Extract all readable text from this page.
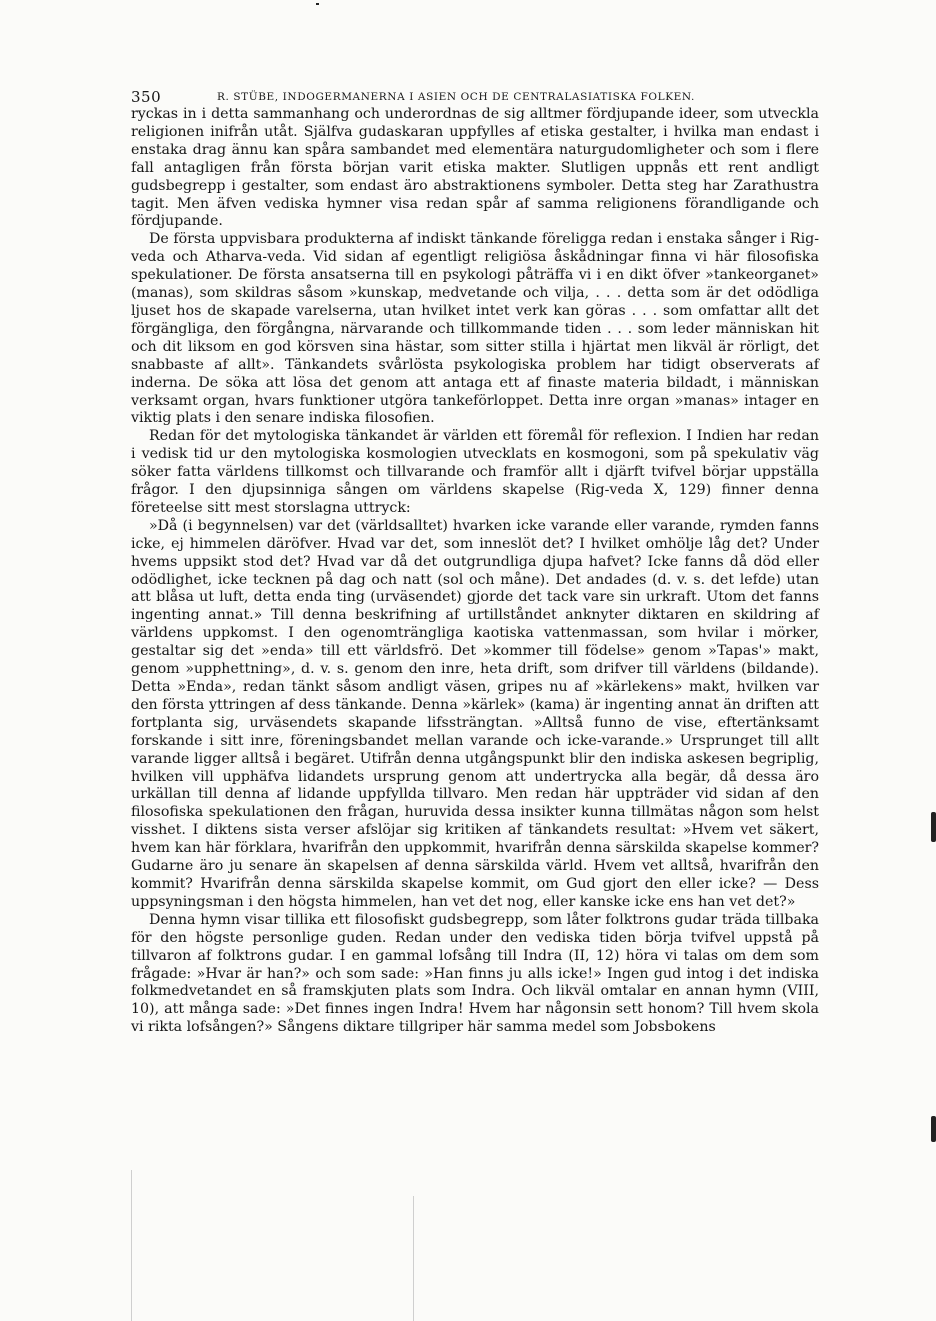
350	R. STÜBE, INDOGERMANERNA I ASIEN OCH DE CENTRALASIATISKA FOLKEN.

ryckas in i detta sammanhang och underordnas de sig alltmer fördjupande ideer, som utveckla religionen inifrån utåt. Själfva gudaskaran uppfylles af etiska gestalter, i hvilka man endast i enstaka drag ännu kan spåra sambandet med elementära naturgudomligheter och som i flere fall antagligen från första början varit etiska makter. Slutligen uppnås ett rent andligt gudsbegrepp i gestalter, som endast äro abstraktionens symboler. Detta steg har Zarathustra tagit. Men äfven vediska hymner visa redan spår af samma religionens förandligande och fördjupande.

De första uppvisbara produkterna af indiskt tänkande föreligga redan i enstaka sånger i Rig-veda och Atharva-veda. Vid sidan af egentligt religiösa åskådningar finna vi här filosofiska spekulationer. De första ansatserna till en psykologi påträffa vi i en dikt öfver »tankeorganet» (manas), som skildras såsom »kunskap, medvetande och vilja, . . . detta som är det odödliga ljuset hos de skapade varelserna, utan hvilket intet verk kan göras . . . som omfattar allt det förgängliga, den förgångna, närvarande och tillkommande tiden . . . som leder människan hit och dit liksom en god körsven sina hästar, som sitter stilla i hjärtat men likväl är rörligt, det snabbaste af allt». Tänkandets svårlösta psykologiska problem har tidigt observerats af inderna. De söka att lösa det genom att antaga ett af finaste materia bildadt, i människan verksamt organ, hvars funktioner utgöra tankeförloppet. Detta inre organ »manas» intager en viktig plats i den senare indiska filosofien.

Redan för det mytologiska tänkandet är världen ett föremål för reflexion. I Indien har redan i vedisk tid ur den mytologiska kosmologien utvecklats en kosmogoni, som på spekulativ väg söker fatta världens tillkomst och tillvarande och framför allt i djärft tvifvel börjar uppställa frågor. I den djupsinniga sången om världens skapelse (Rig-veda X, 129) finner denna företeelse sitt mest storslagna uttryck:

»Då (i begynnelsen) var det (världsalltet) hvarken icke varande eller varande, rymden fanns icke, ej himmelen däröfver. Hvad var det, som inneslöt det? I hvilket omhölje låg det? Under hvems uppsikt stod det? Hvad var då det outgrundliga djupa hafvet? Icke fanns då död eller odödlighet, icke tecknen på dag och natt (sol och måne). Det andades (d. v. s. det lefde) utan att blåsa ut luft, detta enda ting (urväsendet) gjorde det tack vare sin urkraft. Utom det fanns ingenting annat.» Till denna beskrifning af urtillståndet anknyter diktaren en skildring af världens uppkomst. I den ogenomträngliga kaotiska vattenmassan, som hvilar i mörker, gestaltar sig det »enda» till ett världsfrö. Det »kommer till födelse» genom »Tapas'» makt, genom »upphettning», d. v. s. genom den inre, heta drift, som drifver till världens (bildande). Detta »Enda», redan tänkt såsom andligt väsen, gripes nu af »kärlekens» makt, hvilken var den första yttringen af dess tänkande. Denna »kärlek» (kama) är ingenting annat än driften att fortplanta sig, urväsendets skapande lifssträngtan. »Alltså funno de vise, eftertänksamt forskande i sitt inre, föreningsbandet mellan varande och icke-varande.» Ursprunget till allt varande ligger alltså i begäret. Utifrån denna utgångspunkt blir den indiska askesen begriplig, hvilken vill upphäfva lidandets ursprung genom att undertrycka alla begär, då dessa äro urkällan till denna af lidande uppfyllda tillvaro. Men redan här uppträder vid sidan af den filosofiska spekulationen den frågan, huruvida dessa insikter kunna tillmätas någon som helst visshet. I diktens sista verser afslöjar sig kritiken af tänkandets resultat: »Hvem vet säkert, hvem kan här förklara, hvarifrån den uppkommit, hvarifrån denna särskilda skapelse kommer? Gudarne äro ju senare än skapelsen af denna särskilda värld. Hvem vet alltså, hvarifrån den kommit? Hvarifrån denna särskilda skapelse kommit, om Gud gjort den eller icke? — Dess uppsyningsman i den högsta himmelen, han vet det nog, eller kanske icke ens han vet det?»

Denna hymn visar tillika ett filosofiskt gudsbegrepp, som låter folktrons gudar träda tillbaka för den högste personlige guden. Redan under den vediska tiden börja tvifvel uppstå på tillvaron af folktrons gudar. I en gammal lofsång till Indra (II, 12) höra vi talas om dem som frågade: »Hvar är han?» och som sade: »Han finns ju alls icke!» Ingen gud intog i det indiska folkmedvetandet en så framskjuten plats som Indra. Och likväl omtalar en annan hymn (VIII, 10), att många sade: »Det finnes ingen Indra! Hvem har någonsin sett honom? Till hvem skola vi rikta lofsången?» Sångens diktare tillgriper här samma medel som Jobsbokens
